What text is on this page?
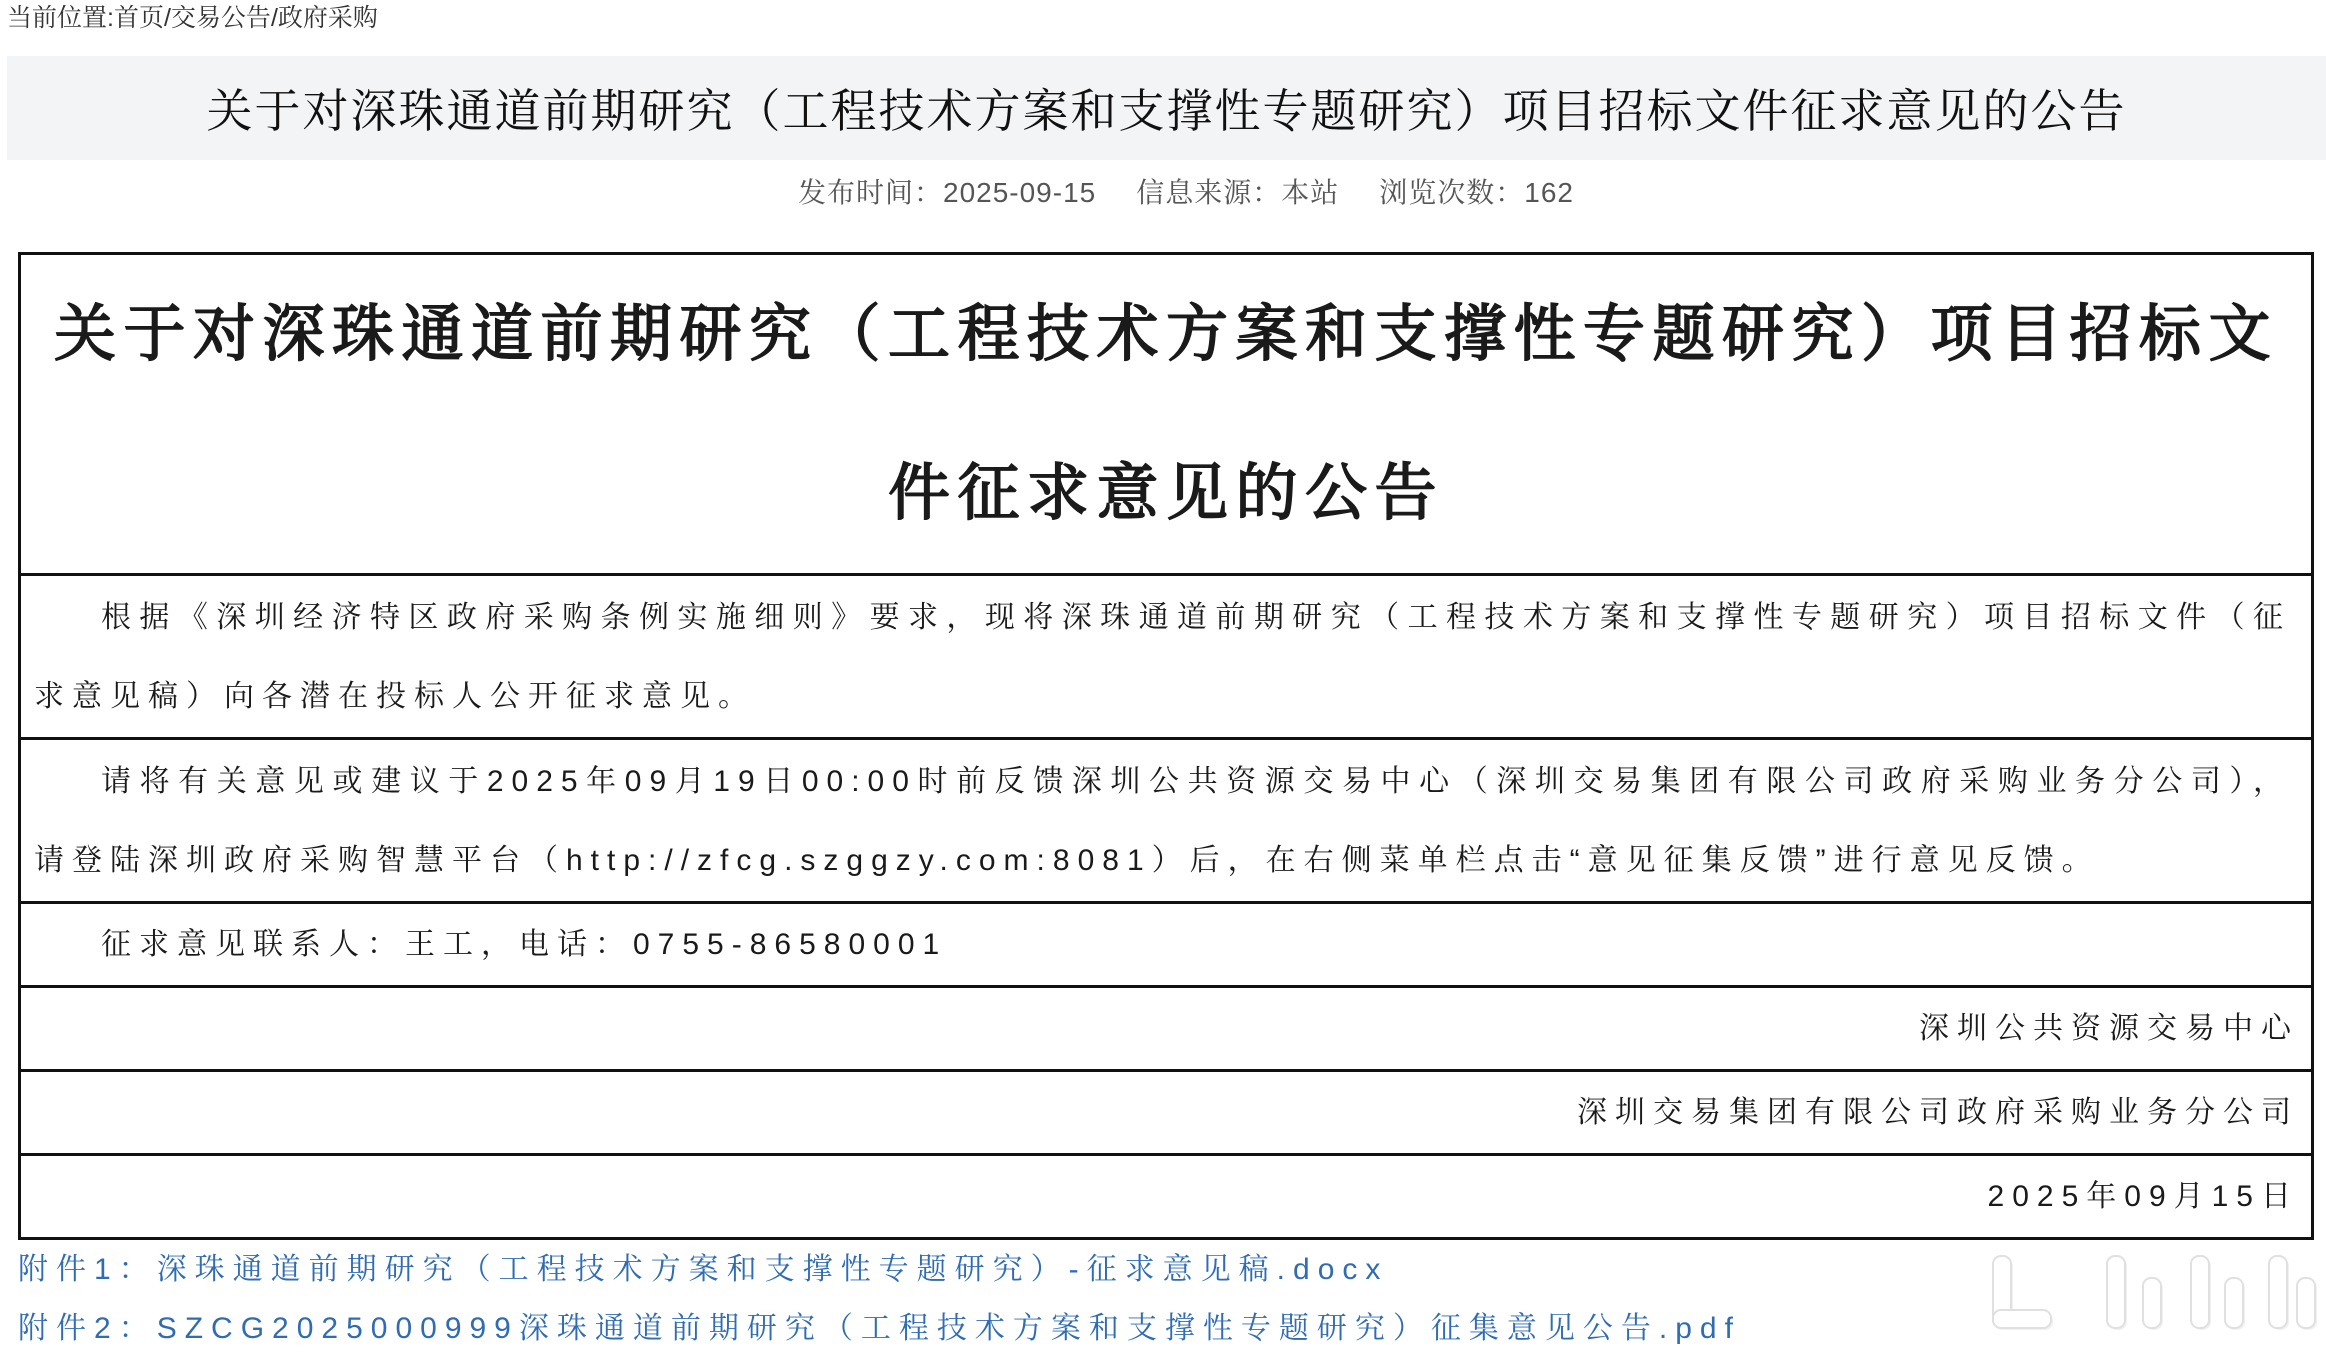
当前位置:首页/交易公告/政府采购
关于对深珠通道前期研究（工程技术方案和支撑性专题研究）项目招标文件征求意见的公告
发布时间：2025-09-15 信息来源：本站 浏览次数：162
关于对深珠通道前期研究（工程技术方案和支撑性专题研究）项目招标文件征求意见的公告
根据《深圳经济特区政府采购条例实施细则》要求，现将深珠通道前期研究（工程技术方案和支撑性专题研究）项目招标文件（征求意见稿）向各潜在投标人公开征求意见。
请将有关意见或建议于2025年09月19日00:00时前反馈深圳公共资源交易中心（深圳交易集团有限公司政府采购业务分公司），请登陆深圳政府采购智慧平台（http://zfcg.szggzy.com:8081）后，在右侧菜单栏点击“意见征集反馈”进行意见反馈。
征求意见联系人：王工，电话：0755-86580001
深圳公共资源交易中心
深圳交易集团有限公司政府采购业务分公司
2025年09月15日
附件1：深珠通道前期研究（工程技术方案和支撑性专题研究）-征求意见稿.docx
附件2：SZCG2025000999深珠通道前期研究（工程技术方案和支撑性专题研究）征集意见公告.pdf
